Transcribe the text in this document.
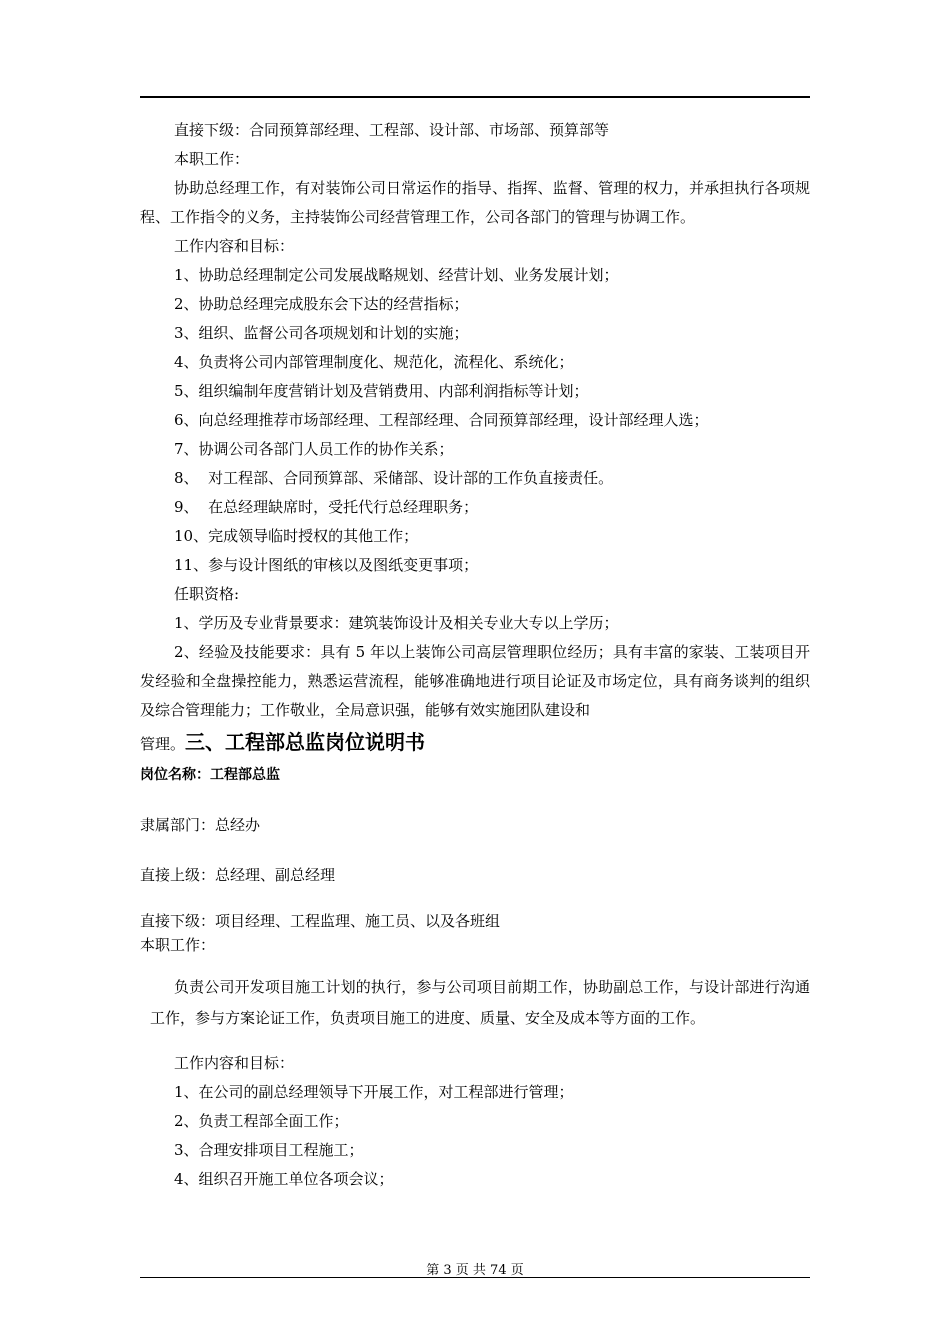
直接下级：合同预算部经理、工程部、设计部、市场部、预算部等

本职工作：

协助总经理工作，有对装饰公司日常运作的指导、指挥、监督、管理的权力，并承担执行各项规程、工作指令的义务，主持装饰公司经营管理工作，公司各部门的管理与协调工作。

工作内容和目标：

1、协助总经理制定公司发展战略规划、经营计划、业务发展计划；

2、协助总经理完成股东会下达的经营指标；

3、组织、监督公司各项规划和计划的实施；

4、负责将公司内部管理制度化、规范化，流程化、系统化；

5、组织编制年度营销计划及营销费用、内部利润指标等计划；

6、向总经理推荐市场部经理、工程部经理、合同预算部经理，设计部经理人选；

7、协调公司各部门人员工作的协作关系；

8、  对工程部、合同预算部、采储部、设计部的工作负直接责任。

9、  在总经理缺席时，受托代行总经理职务；

10、完成领导临时授权的其他工作；

11、参与设计图纸的审核以及图纸变更事项；

任职资格:

1、学历及专业背景要求：建筑装饰设计及相关专业大专以上学历；

2、经验及技能要求：具有 5 年以上装饰公司高层管理职位经历；具有丰富的家装、工装项目开发经验和全盘操控能力，熟悉运营流程，能够准确地进行项目论证及市场定位，具有商务谈判的组织及综合管理能力；工作敬业，全局意识强，能够有效实施团队建设和

管理。三、工程部总监岗位说明书

岗位名称：工程部总监

隶属部门：总经办

直接上级：总经理、副总经理

直接下级：项目经理、工程监理、施工员、以及各班组

本职工作：

负责公司开发项目施工计划的执行，参与公司项目前期工作，协助副总工作，与设计部进行沟通工作，参与方案论证工作，负责项目施工的进度、质量、安全及成本等方面的工作。

工作内容和目标：

1、在公司的副总经理领导下开展工作，对工程部进行管理；

2、负责工程部全面工作；

3、合理安排项目工程施工；

4、组织召开施工单位各项会议；

第 3 页 共 74 页
